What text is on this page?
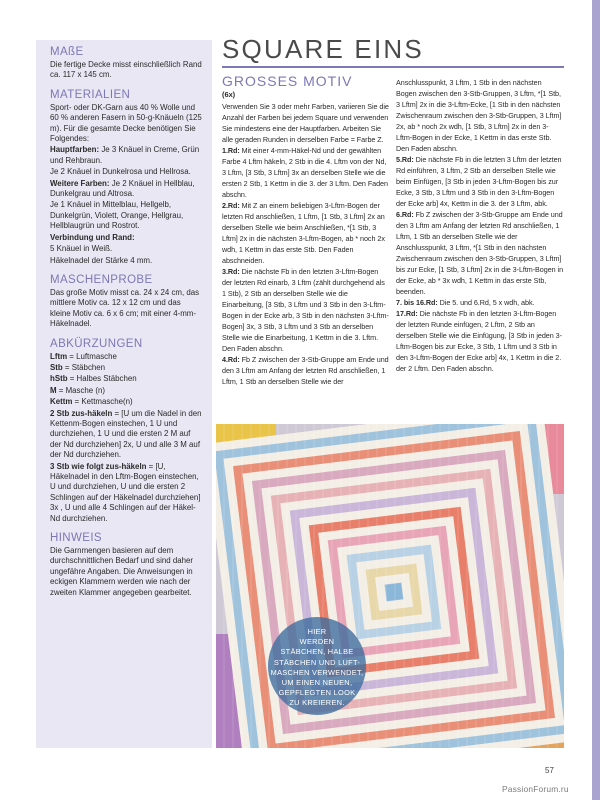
MAßE

Die fertige Decke misst einschließlich Rand ca. 117 x 145 cm.

MATERIALIEN

Sport- oder DK-Garn aus 40 % Wolle und 60 % anderen Fasern in 50-g-Knäueln (125 m). Für die gesamte Decke benötigen Sie Folgendes:

Hauptfarben: Je 3 Knäuel in Creme, Grün und Rehbraun.

Je 2 Knäuel in Dunkelrosa und Hellrosa.

Weitere Farben: Je 2 Knäuel in Hellblau, Dunkelgrau und Altrosa.

Je 1 Knäuel in Mittelblau, Hellgelb, Dunkelgrün, Violett, Orange, Hellgrau, Hellblaugrün und Rostrot.

Verbindung und Rand:

5 Knäuel in Weiß.

Häkelnadel der Stärke 4 mm.

MASCHENPROBE

Das große Motiv misst ca. 24 x 24 cm, das mittlere Motiv ca. 12 x 12 cm und das kleine Motiv ca. 6 x 6 cm; mit einer 4-mm-Häkelnadel.

ABKÜRZUNGEN

Lftm = Luftmasche

Stb = Stäbchen

hStb = Halbes Stäbchen

M = Masche (n)

Kettm = Kettmasche(n)

2 Stb zus-häkeln = [U um die Nadel in den Kettenm-Bogen einstechen, 1 U und durchziehen, 1 U und die ersten 2 M auf der Nd durchziehen] 2x, U und alle 3 M auf der Nd durchziehen.

3 Stb wie folgt zus-häkeln = [U, Häkelnadel in den Lftm-Bogen einstechen, U und durchziehen, U und die ersten 2 Schlingen auf der Häkelnadel durchziehen] 3x , U und alle 4 Schlingen auf der Häkel-Nd durchziehen.

HINWEIS

Die Garnmengen basieren auf dem durchschnittlichen Bedarf und sind daher ungefähre Angaben. Die Anweisungen in eckigen Klammern werden wie nach der zweiten Klammer angegeben gearbeitet.

SQUARE EINS
GROSSES MOTIV
(6x)

Verwenden Sie 3 oder mehr Farben, variieren Sie die Anzahl der Farben bei jedem Square und verwenden Sie mindestens eine der Hauptfarben. Arbeiten Sie alle geraden Runden in derselben Farbe = Farbe Z.

1.Rd: Mit einer 4-mm-Häkel-Nd und der gewählten Farbe 4 Lftm häkeln, 2 Stb in die 4. Lftm von der Nd, 3 Lftm, [3 Stb, 3 Lftm] 3x an derselben Stelle wie die ersten 2 Stb, 1 Kettm in die 3. der 3 Lftm. Den Faden abschn.

2.Rd: Mit Z an einem beliebigen 3-Lftm-Bogen der letzten Rd anschließen, 1 Lftm, [1 Stb, 3 Lftm] 2x an derselben Stelle wie beim Anschließen, *[1 Stb, 3 Lftm] 2x in die nächsten 3-Lftm-Bogen, ab * noch 2x wdh, 1 Kettm in das erste Stb. Den Faden abschneiden.

3.Rd: Die nächste Fb in den letzten 3-Lftm-Bogen der letzten Rd einarb, 3 Lftm (zählt durchgehend als 1 Stb), 2 Stb an derselben Stelle wie die Einarbeitung, [3 Stb, 3 Lftm und 3 Stb in den 3-Lftm-Bogen in der Ecke arb, 3 Stb in den nächsten 3-Lftm-Bogen] 3x, 3 Stb, 3 Lftm und 3 Stb an derselben Stelle wie die Einarbeitung, 1 Kettm in die 3. Lftm. Den Faden abschn.

4.Rd: Fb Z zwischen der 3-Stb-Gruppe am Ende und den 3 Lftm am Anfang der letzten Rd anschließen, 1 Lftm, 1 Stb an derselben Stelle wie der

Anschlusspunkt, 3 Lftm, 1 Stb in den nächsten Bogen zwischen den 3-Stb-Gruppen, 3 Lftm, *[1 Stb, 3 Lftm] 2x in die 3-Lftm-Ecke, [1 Stb in den nächsten Zwischenraum zwischen den 3-Stb-Gruppen, 3 Lftm] 2x, ab * noch 2x wdh, [1 Stb, 3 Lftm] 2x in den 3-Lftm-Bogen in der Ecke, 1 Kettm in das erste Stb. Den Faden abschn.

5.Rd: Die nächste Fb in die letzten 3 Lftm der letzten Rd einführen, 3 Lftm, 2 Stb an derselben Stelle wie beim Einfügen, [3 Stb in jeden 3-Lftm-Bogen bis zur Ecke, 3 Stb, 3 Lftm und 3 Stb in den 3-Lftm-Bogen der Ecke arb] 4x, Kettm in die 3. der 3 Lftm, abk.

6.Rd: Fb Z zwischen der 3-Stb-Gruppe am Ende und den 3 Lftm am Anfang der letzten Rd anschließen, 1 Lftm, 1 Stb an derselben Stelle wie der Anschlusspunkt, 3 Lftm, *[1 Stb in den nächsten Zwischenraum zwischen den 3-Stb-Gruppen, 3 Lftm] bis zur Ecke, [1 Stb, 3 Lftm] 2x in die 3-Lftm-Bogen in der Ecke, ab * 3x wdh, 1 Kettm in das erste Stb, beenden.

7. bis 16.Rd: Die 5. und 6.Rd, 5 x wdh, abk.

17.Rd: Die nächste Fb in den letzten 3-Lftm-Bogen der letzten Runde einfügen, 2 Lftm, 2 Stb an derselben Stelle wie die Einfügung, [3 Stb in jeden 3-Lftm-Bogen bis zur Ecke, 3 Stb, 1 Lftm und 3 Stb in den 3-Lftm-Bogen der Ecke arb] 4x, 1 Kettm in die 2. der 2 Lftm. Den Faden abschn.

HIER
WERDEN
STÄBCHEN, HALBE
STÄBCHEN UND LUFT-
MASCHEN VERWENDET,
UM EINEN NEUEN,
GEPFLEGTEN LOOK
ZU KREIEREN.
57
PassionForum.ru
